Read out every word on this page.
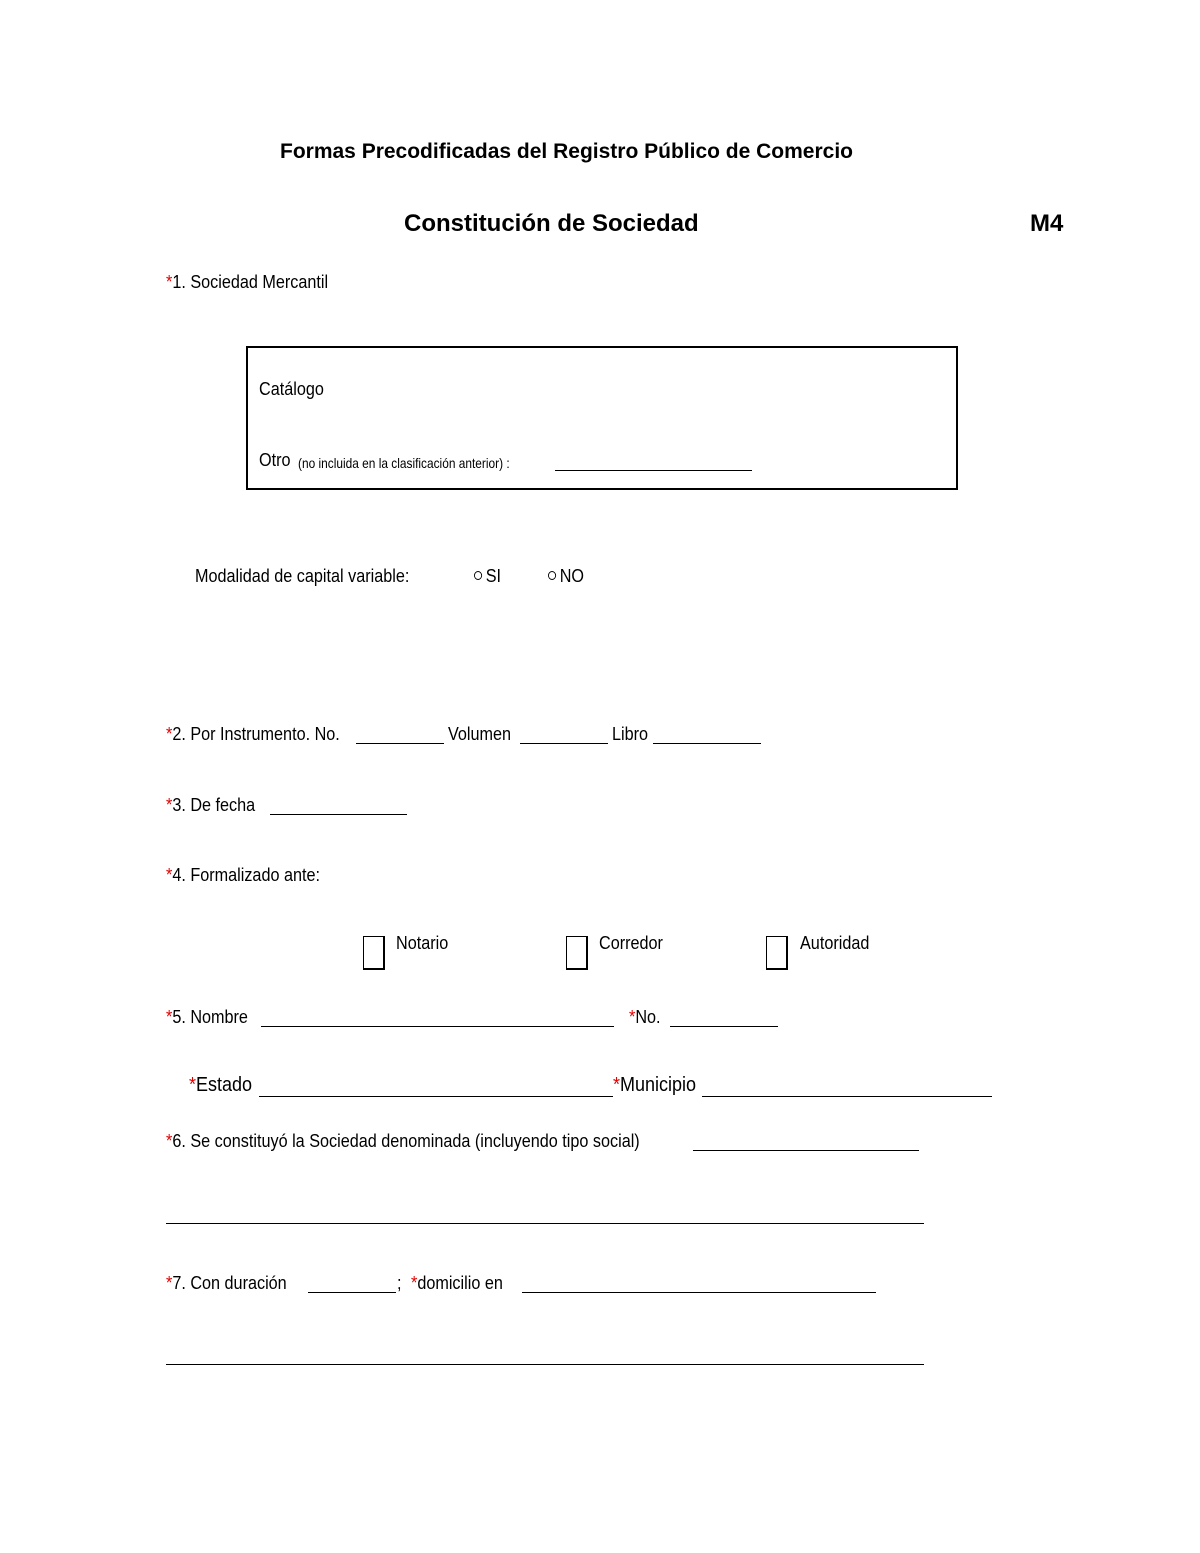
Formas Precodificadas del Registro Público de Comercio
Constitución de Sociedad	M4
*1. Sociedad Mercantil
Catálogo
Otro (no incluida en la clasificación anterior) :
Modalidad de capital variable:	SI	NO
*2. Por Instrumento. No.	Volumen	Libro
*3. De fecha
*4. Formalizado ante:
Notario	Corredor	Autoridad
*5. Nombre	*No.
*Estado	*Municipio
*6. Se constituyó la Sociedad denominada (incluyendo tipo social)
*7. Con duración	; *domicilio en
